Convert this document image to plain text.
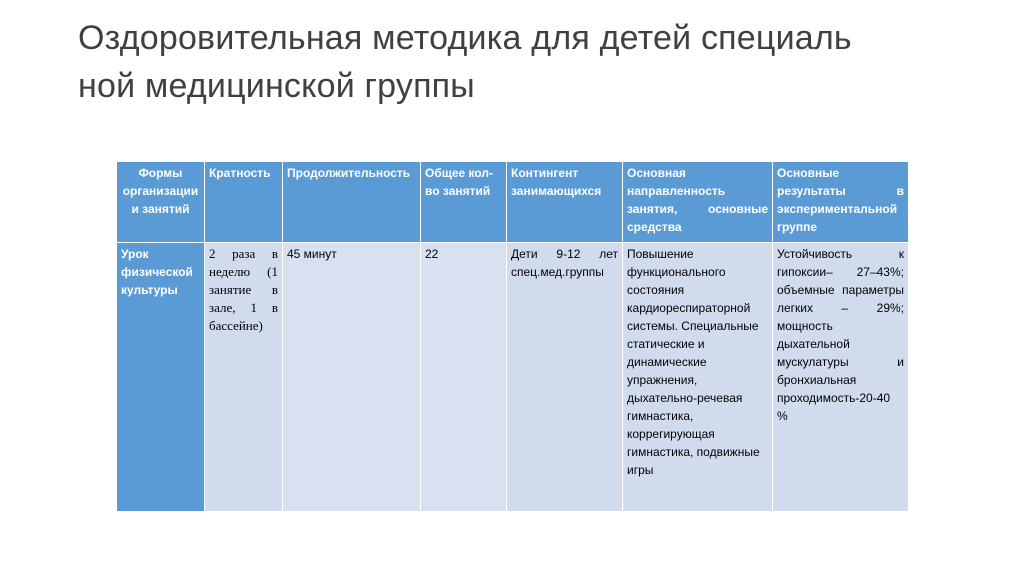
Оздоровительная методика для детей специаль
ной медицинской группы
Формы организации и занятий	Кратность	Продолжительность	Общее кол-во занятий	Контингент занимающихся	Основная направленность занятия, основные средства	Основные результаты в экспериментальной группе
Урок физической культуры	2 раза в неделю (1 занятие в зале, 1 в бассейне)	45 минут	22	Дети 9-12 лет спец.мед.группы	Повышение функционального состояния кардиореспираторной системы. Специальные статические и динамические упражнения, дыхательно-речевая гимнастика, коррегирующая гимнастика, подвижные игры	Устойчивость к гипоксии– 27–43%; объемные параметры легких – 29%; мощность дыхательной мускулатуры и бронхиальная проходимость-20-40 %
